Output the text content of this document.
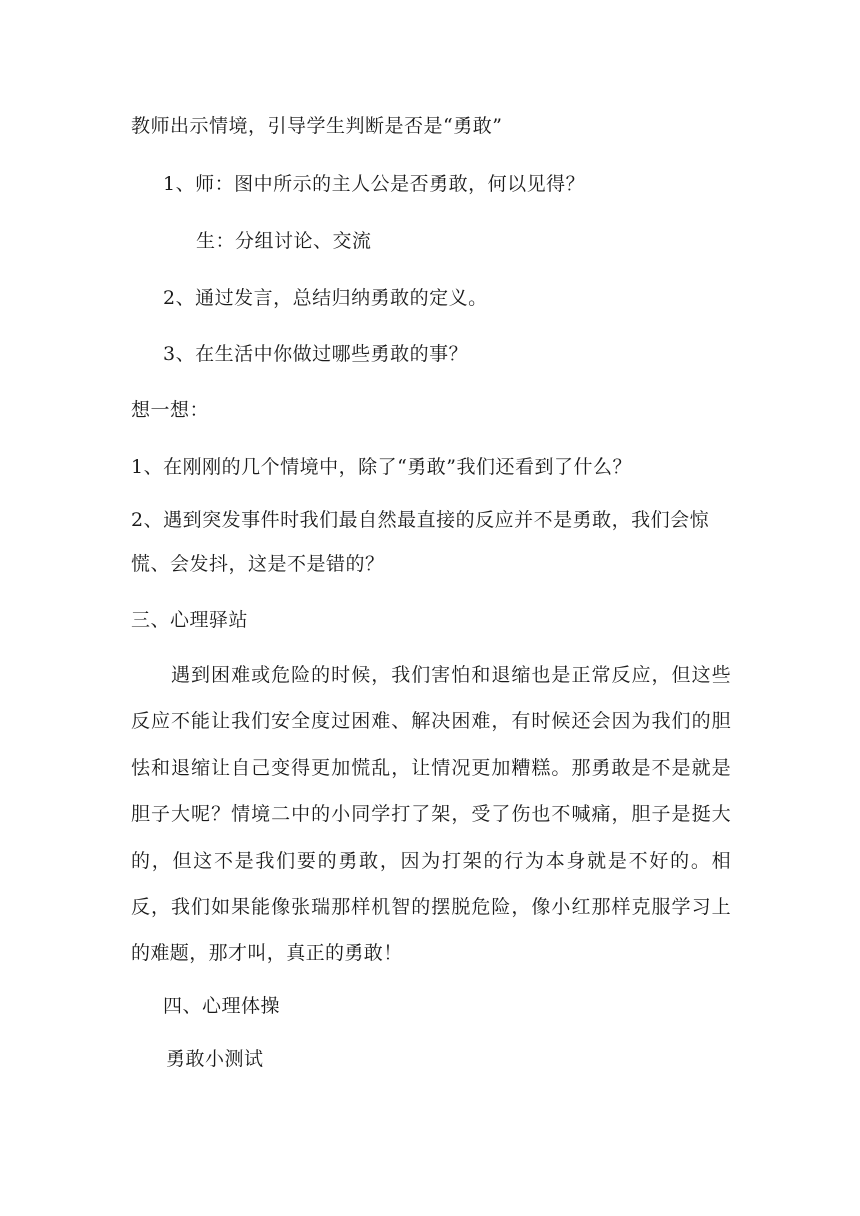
教师出示情境，引导学生判断是否是“勇敢”
1、师：图中所示的主人公是否勇敢，何以见得？
生：分组讨论、交流
2、通过发言，总结归纳勇敢的定义。
3、在生活中你做过哪些勇敢的事？
想一想：
1、在刚刚的几个情境中，除了“勇敢”我们还看到了什么？
2、遇到突发事件时我们最自然最直接的反应并不是勇敢，我们会惊
慌、会发抖，这是不是错的？
三、心理驿站
遇到困难或危险的时候，我们害怕和退缩也是正常反应，但这些反应不能让我们安全度过困难、解决困难，有时候还会因为我们的胆怯和退缩让自己变得更加慌乱，让情况更加糟糕。那勇敢是不是就是胆子大呢？情境二中的小同学打了架，受了伤也不喊痛，胆子是挺大的，但这不是我们要的勇敢，因为打架的行为本身就是不好的。相反，我们如果能像张瑞那样机智的摆脱危险，像小红那样克服学习上的难题，那才叫，真正的勇敢！
四、心理体操
勇敢小测试
